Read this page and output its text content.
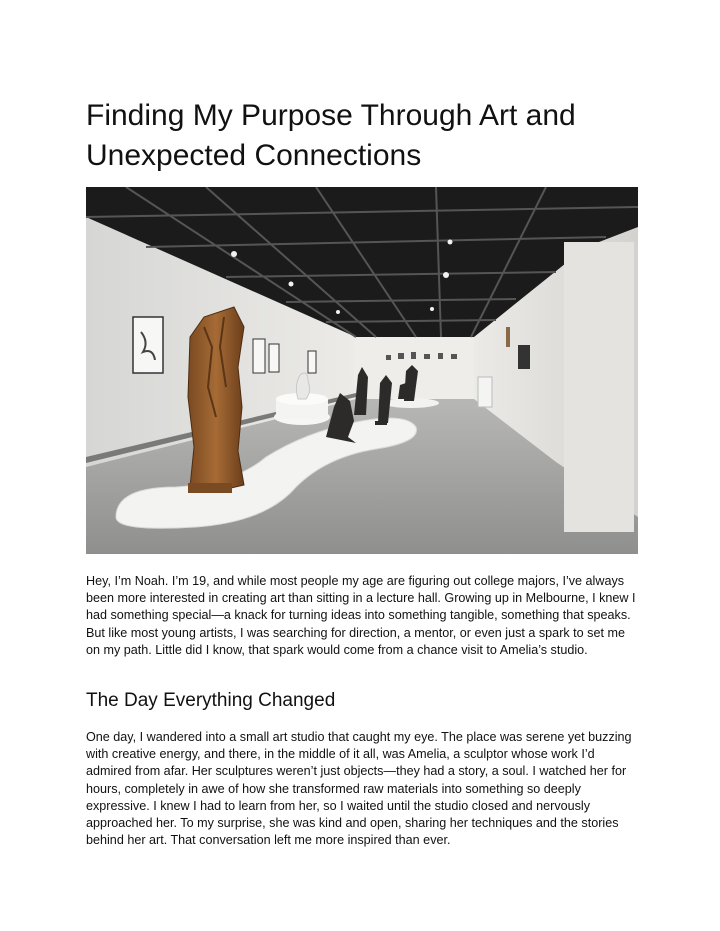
Finding My Purpose Through Art and Unexpected Connections

Hey, I’m Noah. I’m 19, and while most people my age are figuring out college majors, I’ve always been more interested in creating art than sitting in a lecture hall. Growing up in Melbourne, I knew I had something special—a knack for turning ideas into something tangible, something that speaks. But like most young artists, I was searching for direction, a mentor, or even just a spark to set me on my path. Little did I know, that spark would come from a chance visit to Amelia’s studio.

The Day Everything Changed

One day, I wandered into a small art studio that caught my eye. The place was serene yet buzzing with creative energy, and there, in the middle of it all, was Amelia, a sculptor whose work I’d admired from afar. Her sculptures weren’t just objects—they had a story, a soul. I watched her for hours, completely in awe of how she transformed raw materials into something so deeply expressive. I knew I had to learn from her, so I waited until the studio closed and nervously approached her. To my surprise, she was kind and open, sharing her techniques and the stories behind her art. That conversation left me more inspired than ever.
